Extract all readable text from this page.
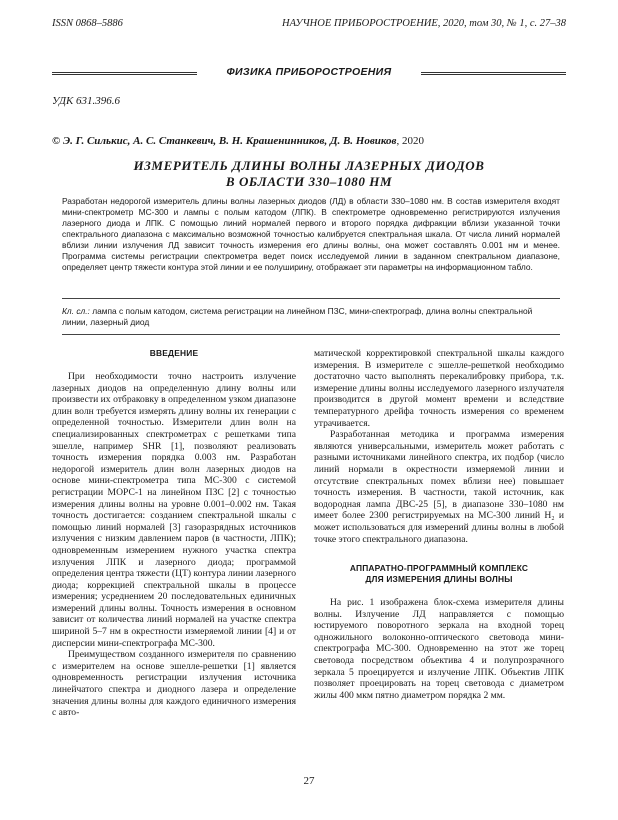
ISSN 0868–5886	НАУЧНОЕ ПРИБОРОСТРОЕНИЕ, 2020, том 30, № 1, с. 27–38
ФИЗИКА ПРИБОРОСТРОЕНИЯ
УДК 631.396.6
© Э. Г. Силькис, А. С. Станкевич, В. Н. Крашенинников, Д. В. Новиков, 2020
ИЗМЕРИТЕЛЬ ДЛИНЫ ВОЛНЫ ЛАЗЕРНЫХ ДИОДОВ
В ОБЛАСТИ 330–1080 НМ
Разработан недорогой измеритель длины волны лазерных диодов (ЛД) в области 330–1080 нм. В состав измерителя входят мини-спектрометр МС-300 и лампы с полым катодом (ЛПК). В спектрометре одновременно регистрируются излучения лазерного диода и ЛПК. С помощью линий нормалей первого и второго порядка дифракции вблизи указанной точки спектрального диапазона с максимально возможной точностью калибруется спектральная шкала. От числа линий нормалей вблизи линии излучения ЛД зависит точность измерения его длины волны, она может составлять 0.001 нм и менее. Программа системы регистрации спектрометра ведет поиск исследуемой линии в заданном спектральном диапазоне, определяет центр тяжести контура этой линии и ее полуширину, отображает эти параметры на информационном табло.
Кл. сл.: лампа с полым катодом, система регистрации на линейном ПЗС, мини-спектрограф, длина волны спектральной линии, лазерный диод
ВВЕДЕНИЕ

При необходимости точно настроить излучение лазерных диодов на определенную длину волны или произвести их отбраковку в определенном узком диапазоне длин волн требуется измерять длину волны их генерации с определенной точностью. Измерители длин волн на специализированных спектрометрах с решетками типа эшелле, например SHR [1], позволяют реализовать точность измерения порядка 0.003 нм. Разработан недорогой измеритель длин волн лазерных диодов на основе мини-спектрометра типа МС-300 с системой регистрации МОРС-1 на линейном ПЗС [2] с точностью измерения длины волны на уровне 0.001–0.002 нм. Такая точность достигается: созданием спектральной шкалы с помощью линий нормалей [3] газоразрядных источников излучения с низким давлением паров (в частности, ЛПК); одновременным измерением нужного участка спектра излучения ЛПК и лазерного диода; программой определения центра тяжести (ЦТ) контура линии лазерного диода; коррекцией спектральной шкалы в процессе измерения; усреднением 20 последовательных единичных измерений длины волны. Точность измерения в основном зависит от количества линий нормалей на участке спектра шириной 5–7 нм в окрестности измеряемой линии [4] и от дисперсии мини-спектрографа МС-300.

Преимуществом созданного измерителя по сравнению с измерителем на основе эшелле-решетки [1] является одновременность регистрации излучения источника линейчатого спектра и диодного лазера и определение значения длины волны для каждого единичного измерения с авто-

матической корректировкой спектральной шкалы каждого измерения. В измерителе с эшелле-решеткой необходимо достаточно часто выполнять перекалибровку прибора, т.к. измерение длины волны исследуемого лазерного излучателя производится в другой момент времени и вследствие температурного дрейфа точность измерения со временем утрачивается.

Разработанная методика и программа измерения являются универсальными, измеритель может работать с разными источниками линейного спектра, их подбор (число линий нормали в окрестности измеряемой линии и отсутствие спектральных помех вблизи нее) повышает точность измерения. В частности, такой источник, как водородная лампа ДВС-25 [5], в диапазоне 330–1080 нм имеет более 2300 регистрируемых на МС-300 линий H₂ и может использоваться для измерений длины волны в любой точке этого спектрального диапазона.

АППАРАТНО-ПРОГРАММНЫЙ КОМПЛЕКС
ДЛЯ ИЗМЕРЕНИЯ ДЛИНЫ ВОЛНЫ

На рис. 1 изображена блок-схема измерителя длины волны. Излучение ЛД направляется с помощью юстируемого поворотного зеркала на входной торец одножильного волоконно-оптического световода мини-спектрографа МС-300. Одновременно на этот же торец световода посредством объектива 4 и полупрозрачного зеркала 5 проецируется и излучение ЛПК. Объектив ЛПК позволяет проецировать на торец световода с диаметром жилы 400 мкм пятно диаметром порядка 2 мм.

27
